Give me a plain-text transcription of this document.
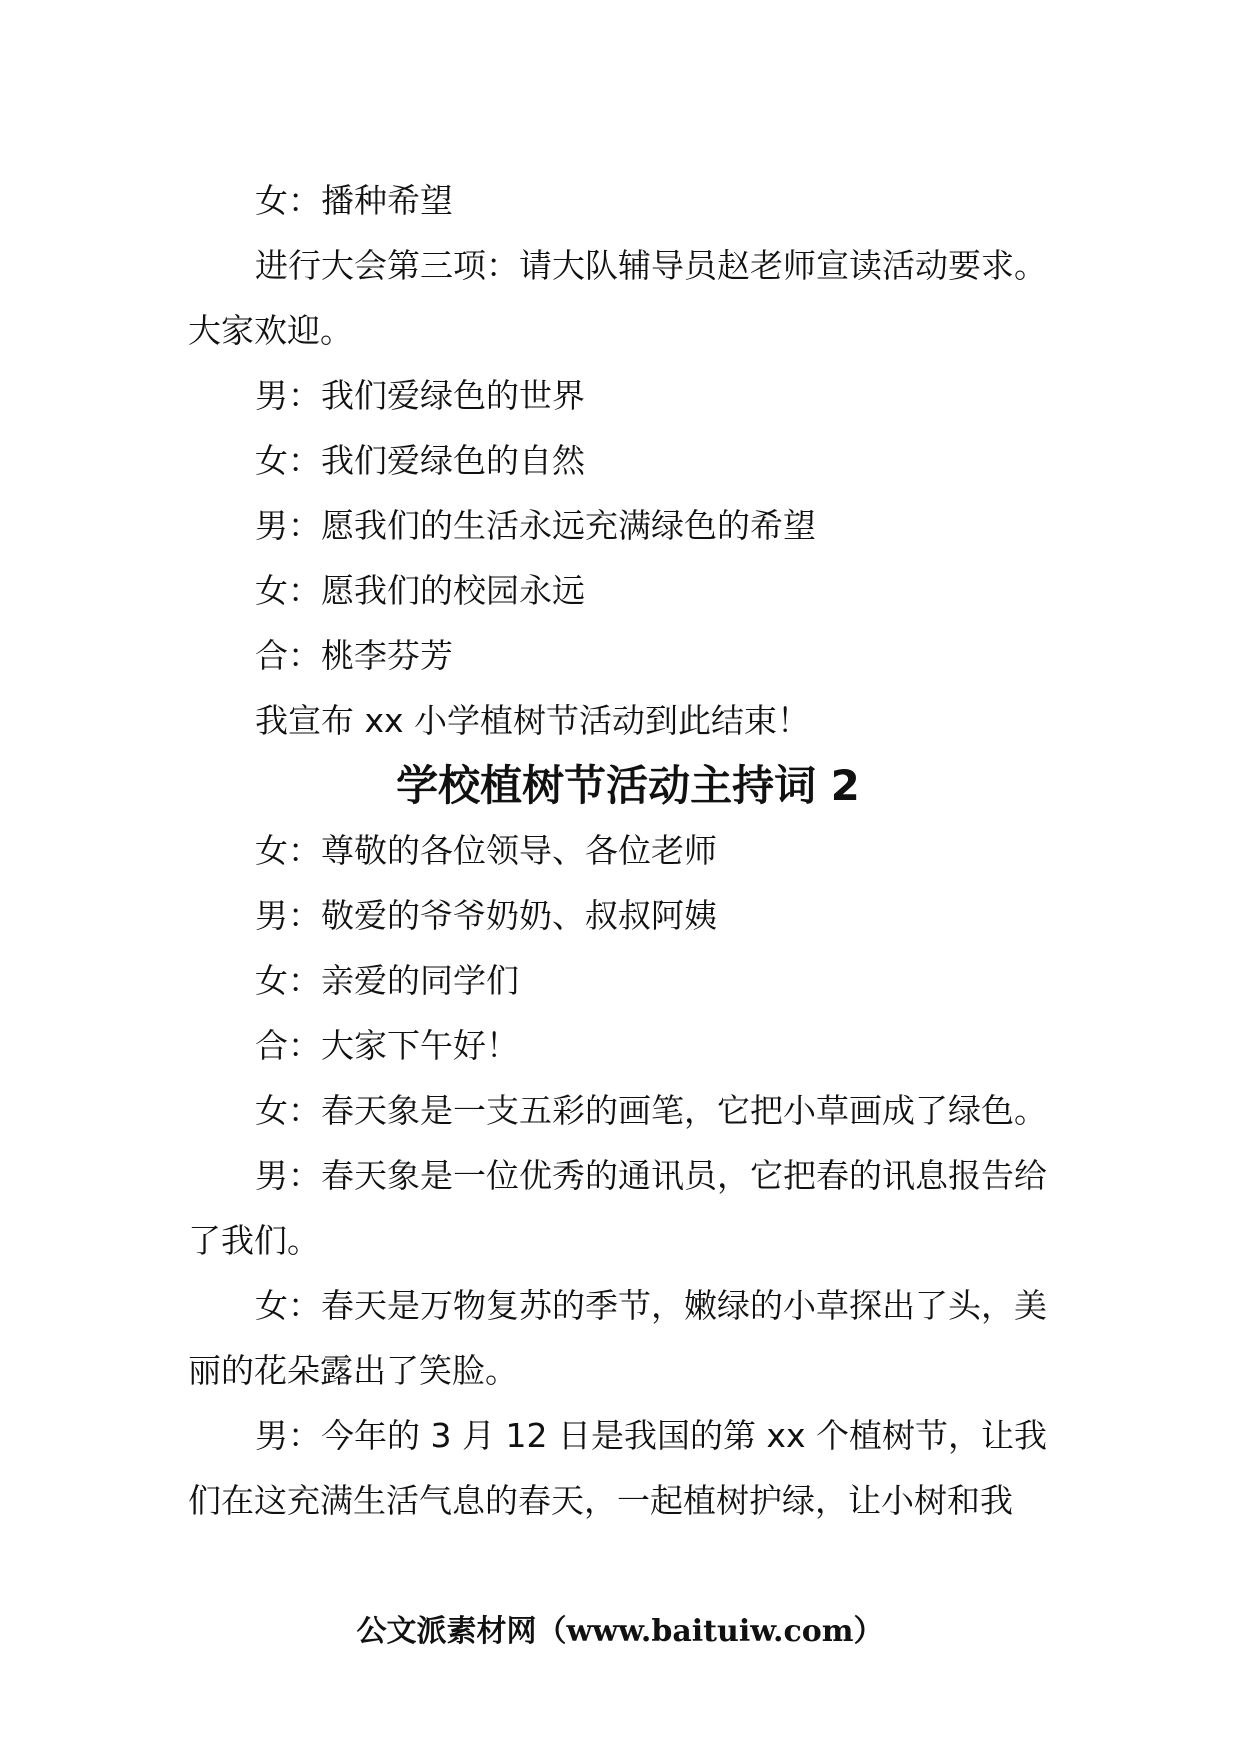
女：播种希望

进行大会第三项：请大队辅导员赵老师宣读活动要求。大家欢迎。

男：我们爱绿色的世界

女：我们爱绿色的自然

男：愿我们的生活永远充满绿色的希望

女：愿我们的校园永远

合：桃李芬芳

我宣布 xx 小学植树节活动到此结束！

学校植树节活动主持词 2

女：尊敬的各位领导、各位老师

男：敬爱的爷爷奶奶、叔叔阿姨

女：亲爱的同学们

合：大家下午好！

女：春天象是一支五彩的画笔，它把小草画成了绿色。

男：春天象是一位优秀的通讯员，它把春的讯息报告给了我们。

女：春天是万物复苏的季节，嫩绿的小草探出了头，美丽的花朵露出了笑脸。

男：今年的 3 月 12 日是我国的第 xx 个植树节，让我们在这充满生活气息的春天，一起植树护绿，让小树和我

公文派素材网（www.baituiw.com）
